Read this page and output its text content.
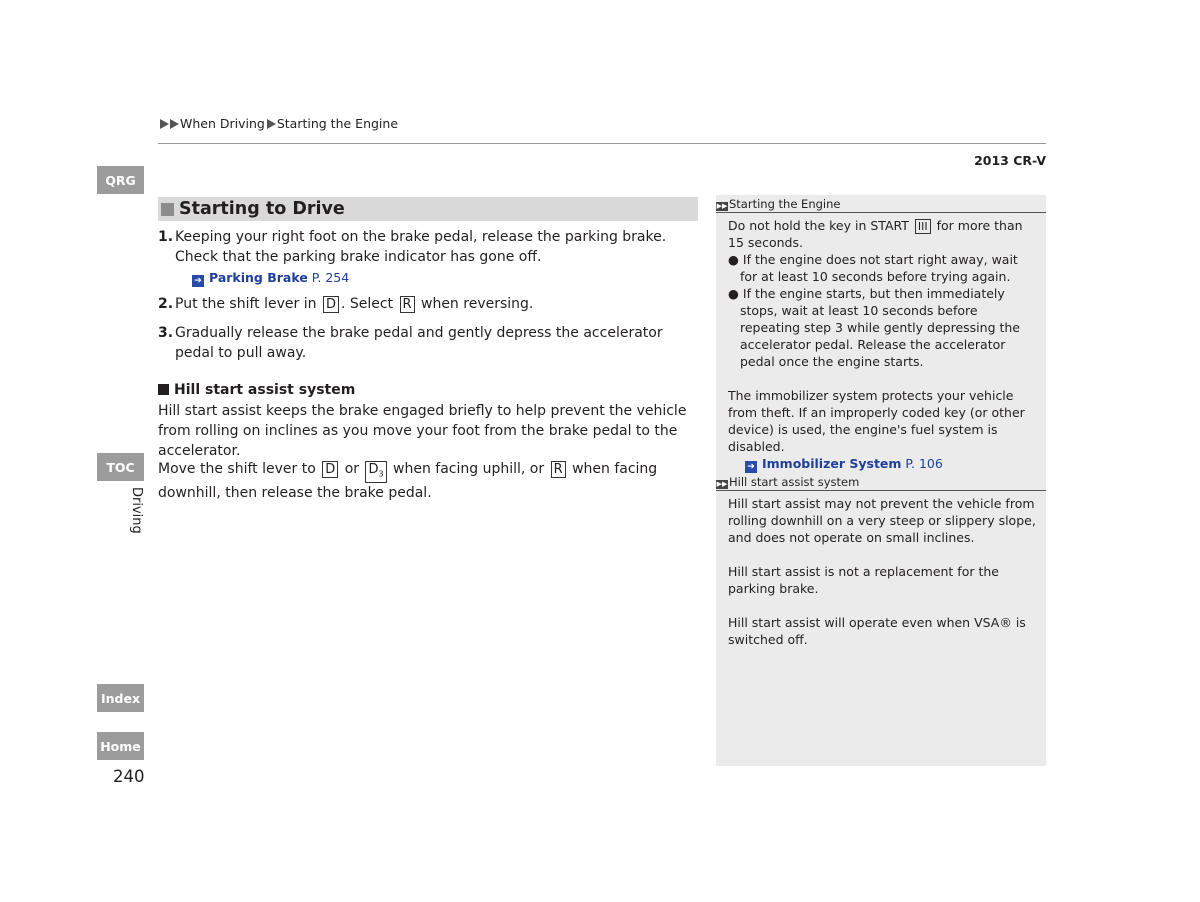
When Driving Starting the Engine
2013 CR-V
QRG
TOC
Driving
Index
Home
240
Starting to Drive
1. Keeping your right foot on the brake pedal, release the parking brake. Check that the parking brake indicator has gone off.
➔ Parking Brake P. 254
2. Put the shift lever in D . Select R when reversing.
3. Gradually release the brake pedal and gently depress the accelerator pedal to pull away.
Hill start assist system
Hill start assist keeps the brake engaged briefly to help prevent the vehicle from rolling on inclines as you move your foot from the brake pedal to the accelerator.
Move the shift lever to D or $D_3$ when facing uphill, or R when facing downhill, then release the brake pedal.
▶▶ Starting the Engine
Do not hold the key in START III for more than 15 seconds.
● If the engine does not start right away, wait for at least 10 seconds before trying again.
● If the engine starts, but then immediately stops, wait at least 10 seconds before repeating step 3 while gently depressing the accelerator pedal. Release the accelerator pedal once the engine starts.
The immobilizer system protects your vehicle from theft. If an improperly coded key (or other device) is used, the engine's fuel system is disabled.
➔ Immobilizer System P. 106
▶▶ Hill start assist system
Hill start assist may not prevent the vehicle from rolling downhill on a very steep or slippery slope, and does not operate on small inclines.
Hill start assist is not a replacement for the parking brake.
Hill start assist will operate even when VSA® is switched off.
